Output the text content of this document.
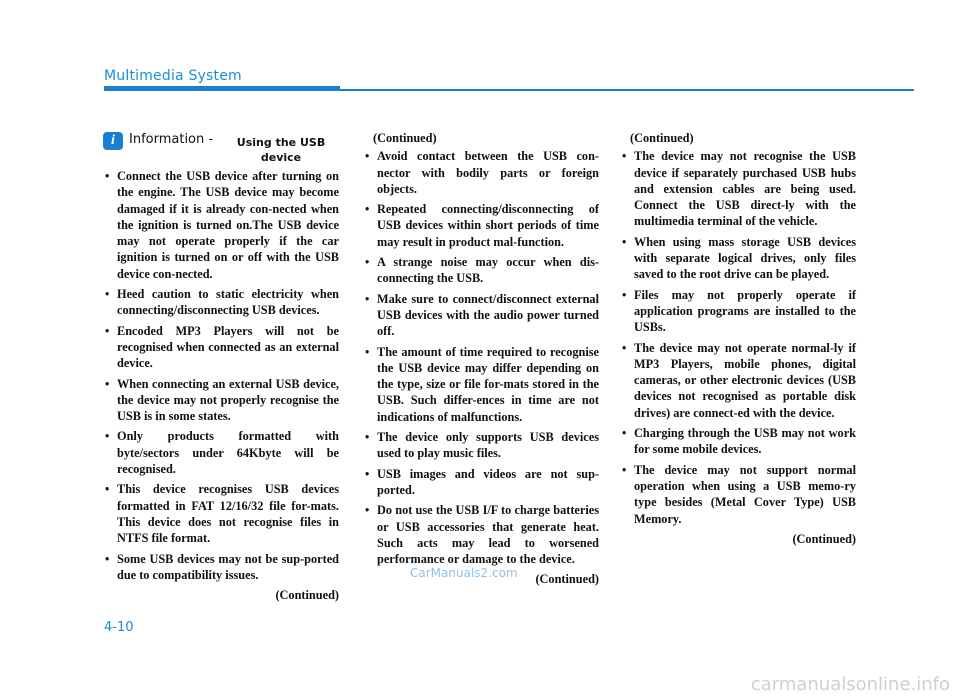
Multimedia System
i	Information -	Using the USB device
• Connect the USB device after turning on the engine. The USB device may become damaged if it is already con-nected when the ignition is turned on.The USB device may not operate properly if the car ignition is turned on or off with the USB device con-nected.
• Heed caution to static electricity when connecting/disconnecting USB devices.
• Encoded MP3 Players will not be recognised when connected as an external device.
• When connecting an external USB device, the device may not properly recognise the USB is in some states.
• Only products formatted with byte/sectors under 64Kbyte will be recognised.
• This device recognises USB devices formatted in FAT 12/16/32 file for-mats. This device does not recognise files in NTFS file format.
• Some USB devices may not be sup-ported due to compatibility issues.
(Continued)
(Continued)
• Avoid contact between the USB con-nector with bodily parts or foreign objects.
• Repeated connecting/disconnecting of USB devices within short periods of time may result in product mal-function.
• A strange noise may occur when dis-connecting the USB.
• Make sure to connect/disconnect external USB devices with the audio power turned off.
• The amount of time required to recognise the USB device may differ depending on the type, size or file for-mats stored in the USB. Such differ-ences in time are not indications of malfunctions.
• The device only supports USB devices used to play music files.
• USB images and videos are not sup-ported.
• Do not use the USB I/F to charge batteries or USB accessories that generate heat. Such acts may lead to worsened performance or damage to the device.
(Continued)
(Continued)
• The device may not recognise the USB device if separately purchased USB hubs and extension cables are being used. Connect the USB direct-ly with the multimedia terminal of the vehicle.
• When using mass storage USB devices with separate logical drives, only files saved to the root drive can be played.
• Files may not properly operate if application programs are installed to the USBs.
• The device may not operate normal-ly if MP3 Players, mobile phones, digital cameras, or other electronic devices (USB devices not recognised as portable disk drives) are connect-ed with the device.
• Charging through the USB may not work for some mobile devices.
• The device may not support normal operation when using a USB memo-ry type besides (Metal Cover Type) USB Memory.
(Continued)
4-10
CarManuals2.com
carmanualsonline.info
